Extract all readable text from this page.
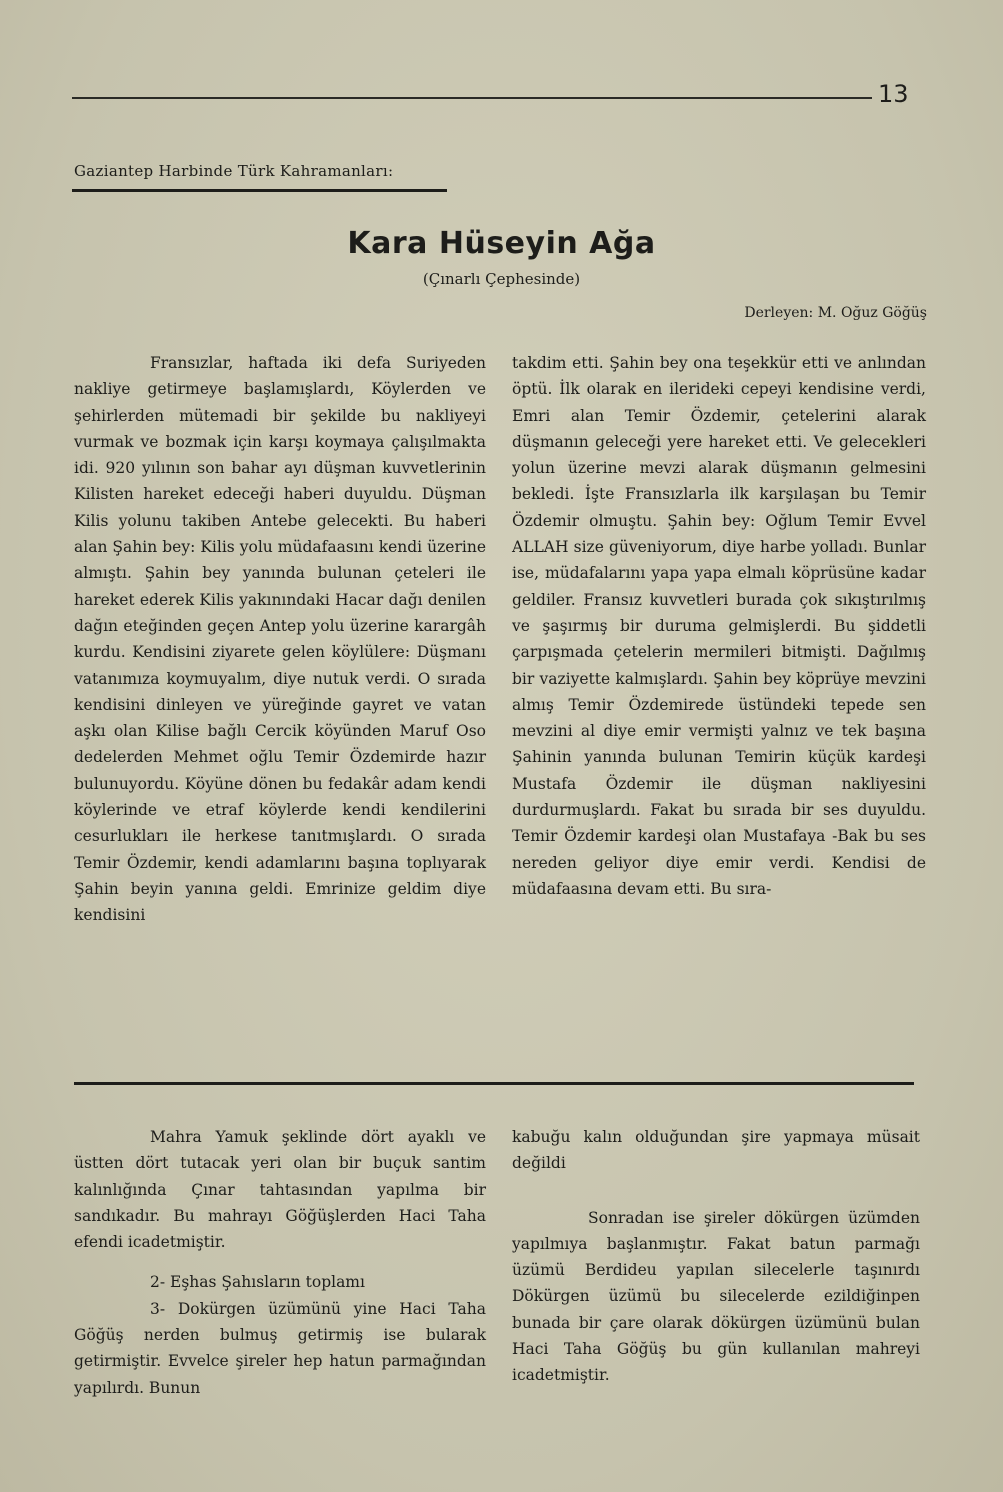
13
Gaziantep Harbinde Türk Kahramanları:
Kara Hüseyin Ağa
(Çınarlı Çephesinde)
Derleyen: M. Oğuz Göğüş

Fransızlar, haftada iki defa Suriyeden nakliye getirmeye başlamışlardı, Köylerden ve şehirlerden mütemadi bir şekilde bu nakliyeyi vurmak ve bozmak için karşı koymaya çalışılmakta idi. 920 yılının son bahar ayı düşman kuvvetlerinin Kilisten hareket edeceği haberi duyuldu. Düşman Kilis yolunu takiben Antebe gelecekti. Bu haberi alan Şahin bey: Kilis yolu müdafaasını kendi üzerine almıştı. Şahin bey yanında bulunan çeteleri ile hareket ederek Kilis yakınındaki Hacar dağı denilen dağın eteğinden geçen Antep yolu üzerine karargâh kurdu. Kendisini ziyarete gelen köylülere: Düşmanı vatanımıza koymuyalım, diye nutuk verdi. O sırada kendisini dinleyen ve yüreğinde gayret ve vatan aşkı olan Kilise bağlı Cercik köyünden Maruf Oso dedelerden Mehmet oğlu Temir Özdemirde hazır bulunuyordu. Köyüne dönen bu fedakâr adam kendi köylerinde ve etraf köylerde kendi kendilerini cesurlukları ile herkese tanıtmışlardı. O sırada Temir Özdemir, kendi adamlarını başına toplıyarak Şahin beyin yanına geldi. Emrinize geldim diye kendisini

takdim etti. Şahin bey ona teşekkür etti ve anlından öptü. İlk olarak en ilerideki cepeyi kendisine verdi, Emri alan Temir Özdemir, çetelerini alarak düşmanın geleceği yere hareket etti. Ve gelecekleri yolun üzerine mevzi alarak düşmanın gelmesini bekledi. İşte Fransızlarla ilk karşılaşan bu Temir Özdemir olmuştu. Şahin bey: Oğlum Temir Evvel ALLAH size güveniyorum, diye harbe yolladı. Bunlar ise, müdafalarını yapa yapa elmalı köprüsüne kadar geldiler. Fransız kuvvetleri burada çok sıkıştırılmış ve şaşırmış bir duruma gelmişlerdi. Bu şiddetli çarpışmada çetelerin mermileri bitmişti. Dağılmış bir vaziyette kalmışlardı. Şahin bey köprüye mevzini almış Temir Özdemirede üstündeki tepede sen mevzini al diye emir vermişti yalnız ve tek başına Şahinin yanında bulunan Temirin küçük kardeşi Mustafa Özdemir ile düşman nakliyesini durdurmuşlardı. Fakat bu sırada bir ses duyuldu. Temir Özdemir kardeşi olan Mustafaya -Bak bu ses nereden geliyor diye emir verdi. Kendisi de müdafaasına devam etti. Bu sıra-

Mahra Yamuk şeklinde dört ayaklı ve üstten dört tutacak yeri olan bir buçuk santim kalınlığında Çınar tahtasından yapılma bir sandıkadır. Bu mahrayı Göğüşlerden Haci Taha efendi icadetmiştir.

2- Eşhas Şahısların toplamı

3- Dokürgen üzümünü yine Haci Taha Göğüş nerden bulmuş getirmiş ise bularak getirmiştir. Evvelce şireler hep hatun parmağından yapılırdı. Bunun

kabuğu kalın olduğundan şire yapmaya müsait değildi

Sonradan ise şireler dökürgen üzümden yapılmıya başlanmıştır. Fakat batun parmağı üzümü Berdideu yapılan silecelerle taşınırdı Dökürgen üzümü bu silecelerde ezildiğinpen bunada bir çare olarak dökürgen üzümünü bulan Haci Taha Göğüş bu gün kullanılan mahreyi icadetmiştir.
